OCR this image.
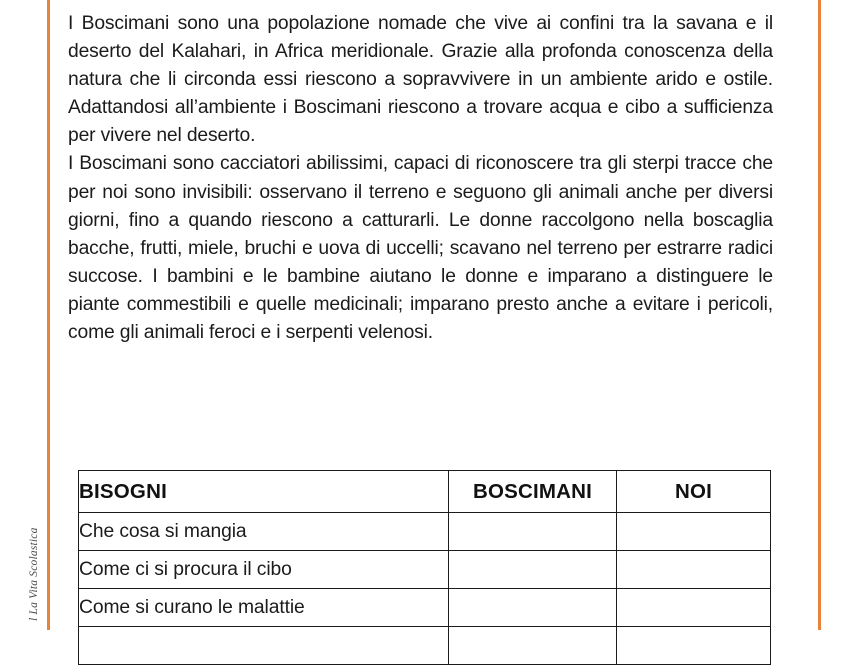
l La Vita Scolastica

I Boscimani sono una popolazione nomade che vive ai confini tra la savana e il deserto del Kalahari, in Africa meridionale. Grazie alla profonda conoscenza della natura che li circonda essi riescono a sopravvivere in un ambiente arido e ostile. Adattandosi all’ambiente i Boscimani riescono a trovare acqua e cibo a sufficienza per vivere nel deserto.

I Boscimani sono cacciatori abilissimi, capaci di riconoscere tra gli sterpi tracce che per noi sono invisibili: osservano il terreno e seguono gli animali anche per diversi giorni, fino a quando riescono a catturarli. Le donne raccolgono nella boscaglia bacche, frutti, miele, bruchi e uova di uccelli; scavano nel terreno per estrarre radici succose. I bambini e le bambine aiutano le donne e imparano a distinguere le piante commestibili e quelle medicinali; imparano presto anche a evitare i pericoli, come gli animali feroci e i serpenti velenosi.

BISOGNI	BOSCIMANI	NOI
Che cosa si mangia		
Come ci si procura il cibo		
Come si curano le malattie		
